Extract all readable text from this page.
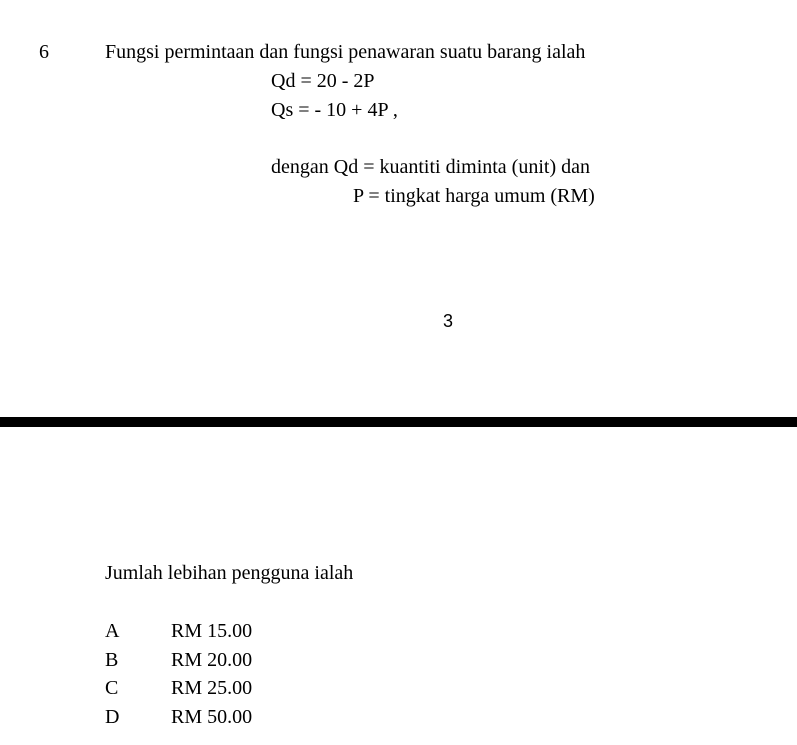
6	Fungsi permintaan dan fungsi penawaran suatu barang ialah
Qd = 20 - 2P
Qs = - 10 + 4P ,
dengan Qd = kuantiti diminta (unit) dan
P = tingkat harga umum (RM)
3
Jumlah lebihan pengguna ialah
A	RM 15.00
B	RM 20.00
C	RM 25.00
D	RM 50.00
